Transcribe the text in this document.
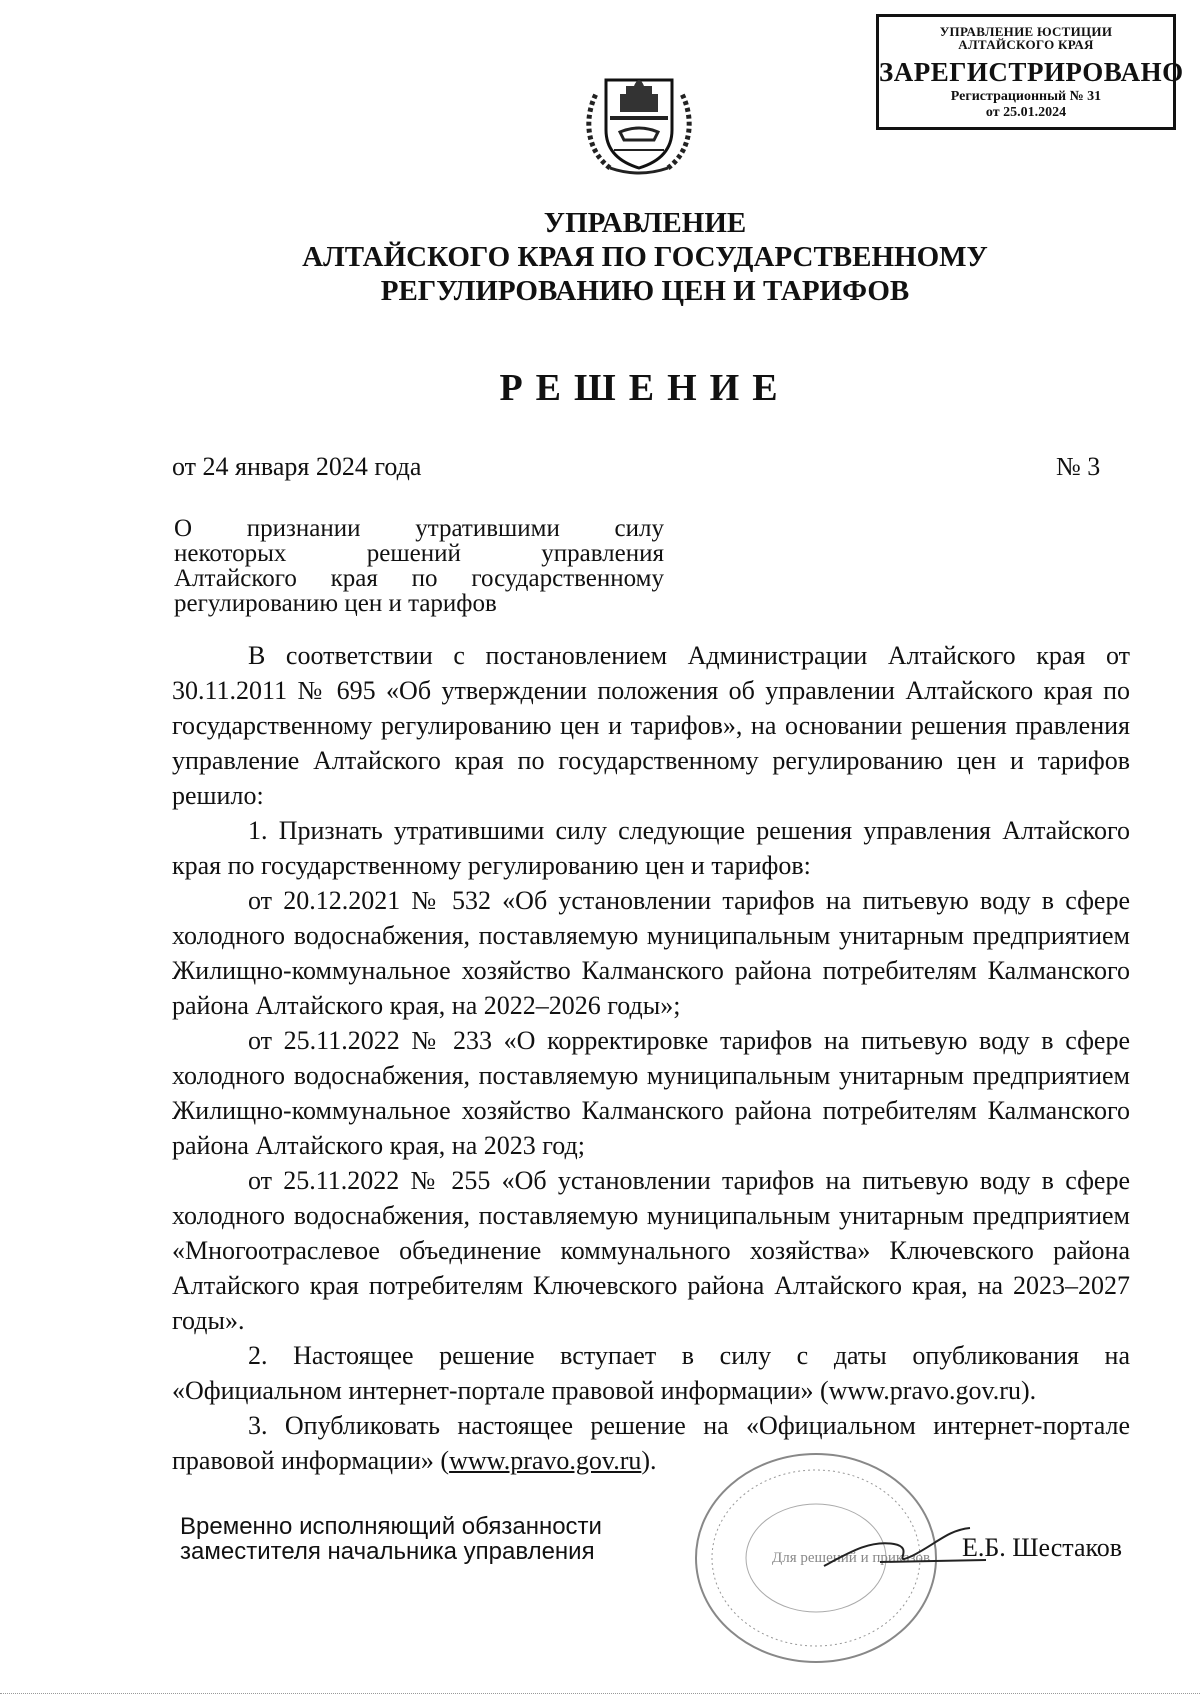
УПРАВЛЕНИЕ ЮСТИЦИИ
АЛТАЙСКОГО КРАЯ
ЗАРЕГИСТРИРОВАНО
Регистрационный № 31
от 25.01.2024
УПРАВЛЕНИЕ
АЛТАЙСКОГО КРАЯ ПО ГОСУДАРСТВЕННОМУ
РЕГУЛИРОВАНИЮ ЦЕН И ТАРИФОВ
РЕШЕНИЕ
от 24 января 2024 года	№ 3
О признании утратившими силу
некоторых решений управления
Алтайского края по государственному
регулированию цен и тарифов

В соответствии с постановлением Администрации Алтайского края от 30.11.2011 № 695 «Об утверждении положения об управлении Алтайского края по государственному регулированию цен и тарифов», на основании решения правления управление Алтайского края по государственному регулированию цен и тарифов решило:

1. Признать утратившими силу следующие решения управления Алтайского края по государственному регулированию цен и тарифов:

от 20.12.2021 № 532 «Об установлении тарифов на питьевую воду в сфере холодного водоснабжения, поставляемую муниципальным унитарным предприятием Жилищно-коммунальное хозяйство Калманского района потребителям Калманского района Алтайского края, на 2022–2026 годы»;

от 25.11.2022 № 233 «О корректировке тарифов на питьевую воду в сфере холодного водоснабжения, поставляемую муниципальным унитарным предприятием Жилищно-коммунальное хозяйство Калманского района потребителям Калманского района Алтайского края, на 2023 год;

от 25.11.2022 № 255 «Об установлении тарифов на питьевую воду в сфере холодного водоснабжения, поставляемую муниципальным унитарным предприятием «Многоотраслевое объединение коммунального хозяйства» Ключевского района Алтайского края потребителям Ключевского района Алтайского края, на 2023–2027 годы».

2. Настоящее решение вступает в силу с даты опубликования на «Официальном интернет-портале правовой информации» (www.pravo.gov.ru).

3. Опубликовать настоящее решение на «Официальном интернет-портале правовой информации» (www.pravo.gov.ru).

Для решений и приказов
Временно исполняющий обязанности
заместителя начальника управления	Е.Б. Шестаков
